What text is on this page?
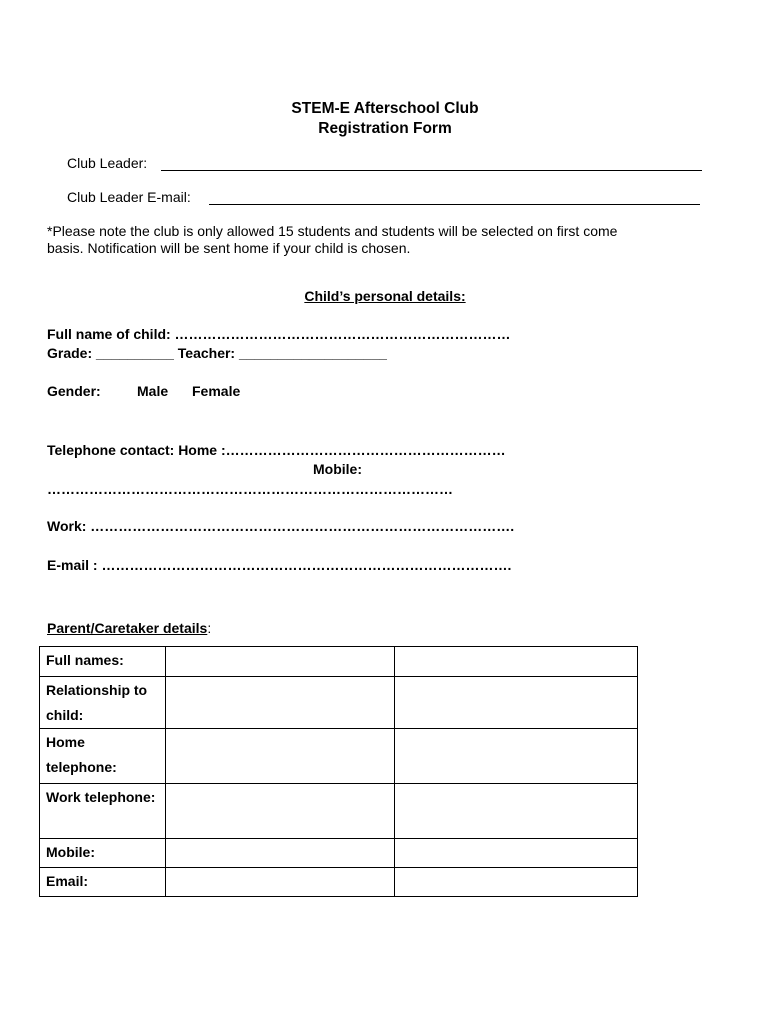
STEM-E Afterschool Club
Registration Form
Club Leader:
Club Leader E-mail:
*Please note the club is only allowed 15 students and students will be selected on first come
basis. Notification will be sent home if your child is chosen.
Child’s personal details:
Full name of child: ………………………………………………………………
Grade: __________ Teacher: ___________________
Gender:	Male Female
Telephone contact: Home :……………………………………………………
Mobile:
……………………………………………………………………………
Work: ……………………………………………………………………………….
E-mail : …………………………………………………………………………….
Parent/Caretaker details:
Full names:		
Relationship to child:		
Home telephone:		
Work telephone:		
Mobile:		
Email:		
